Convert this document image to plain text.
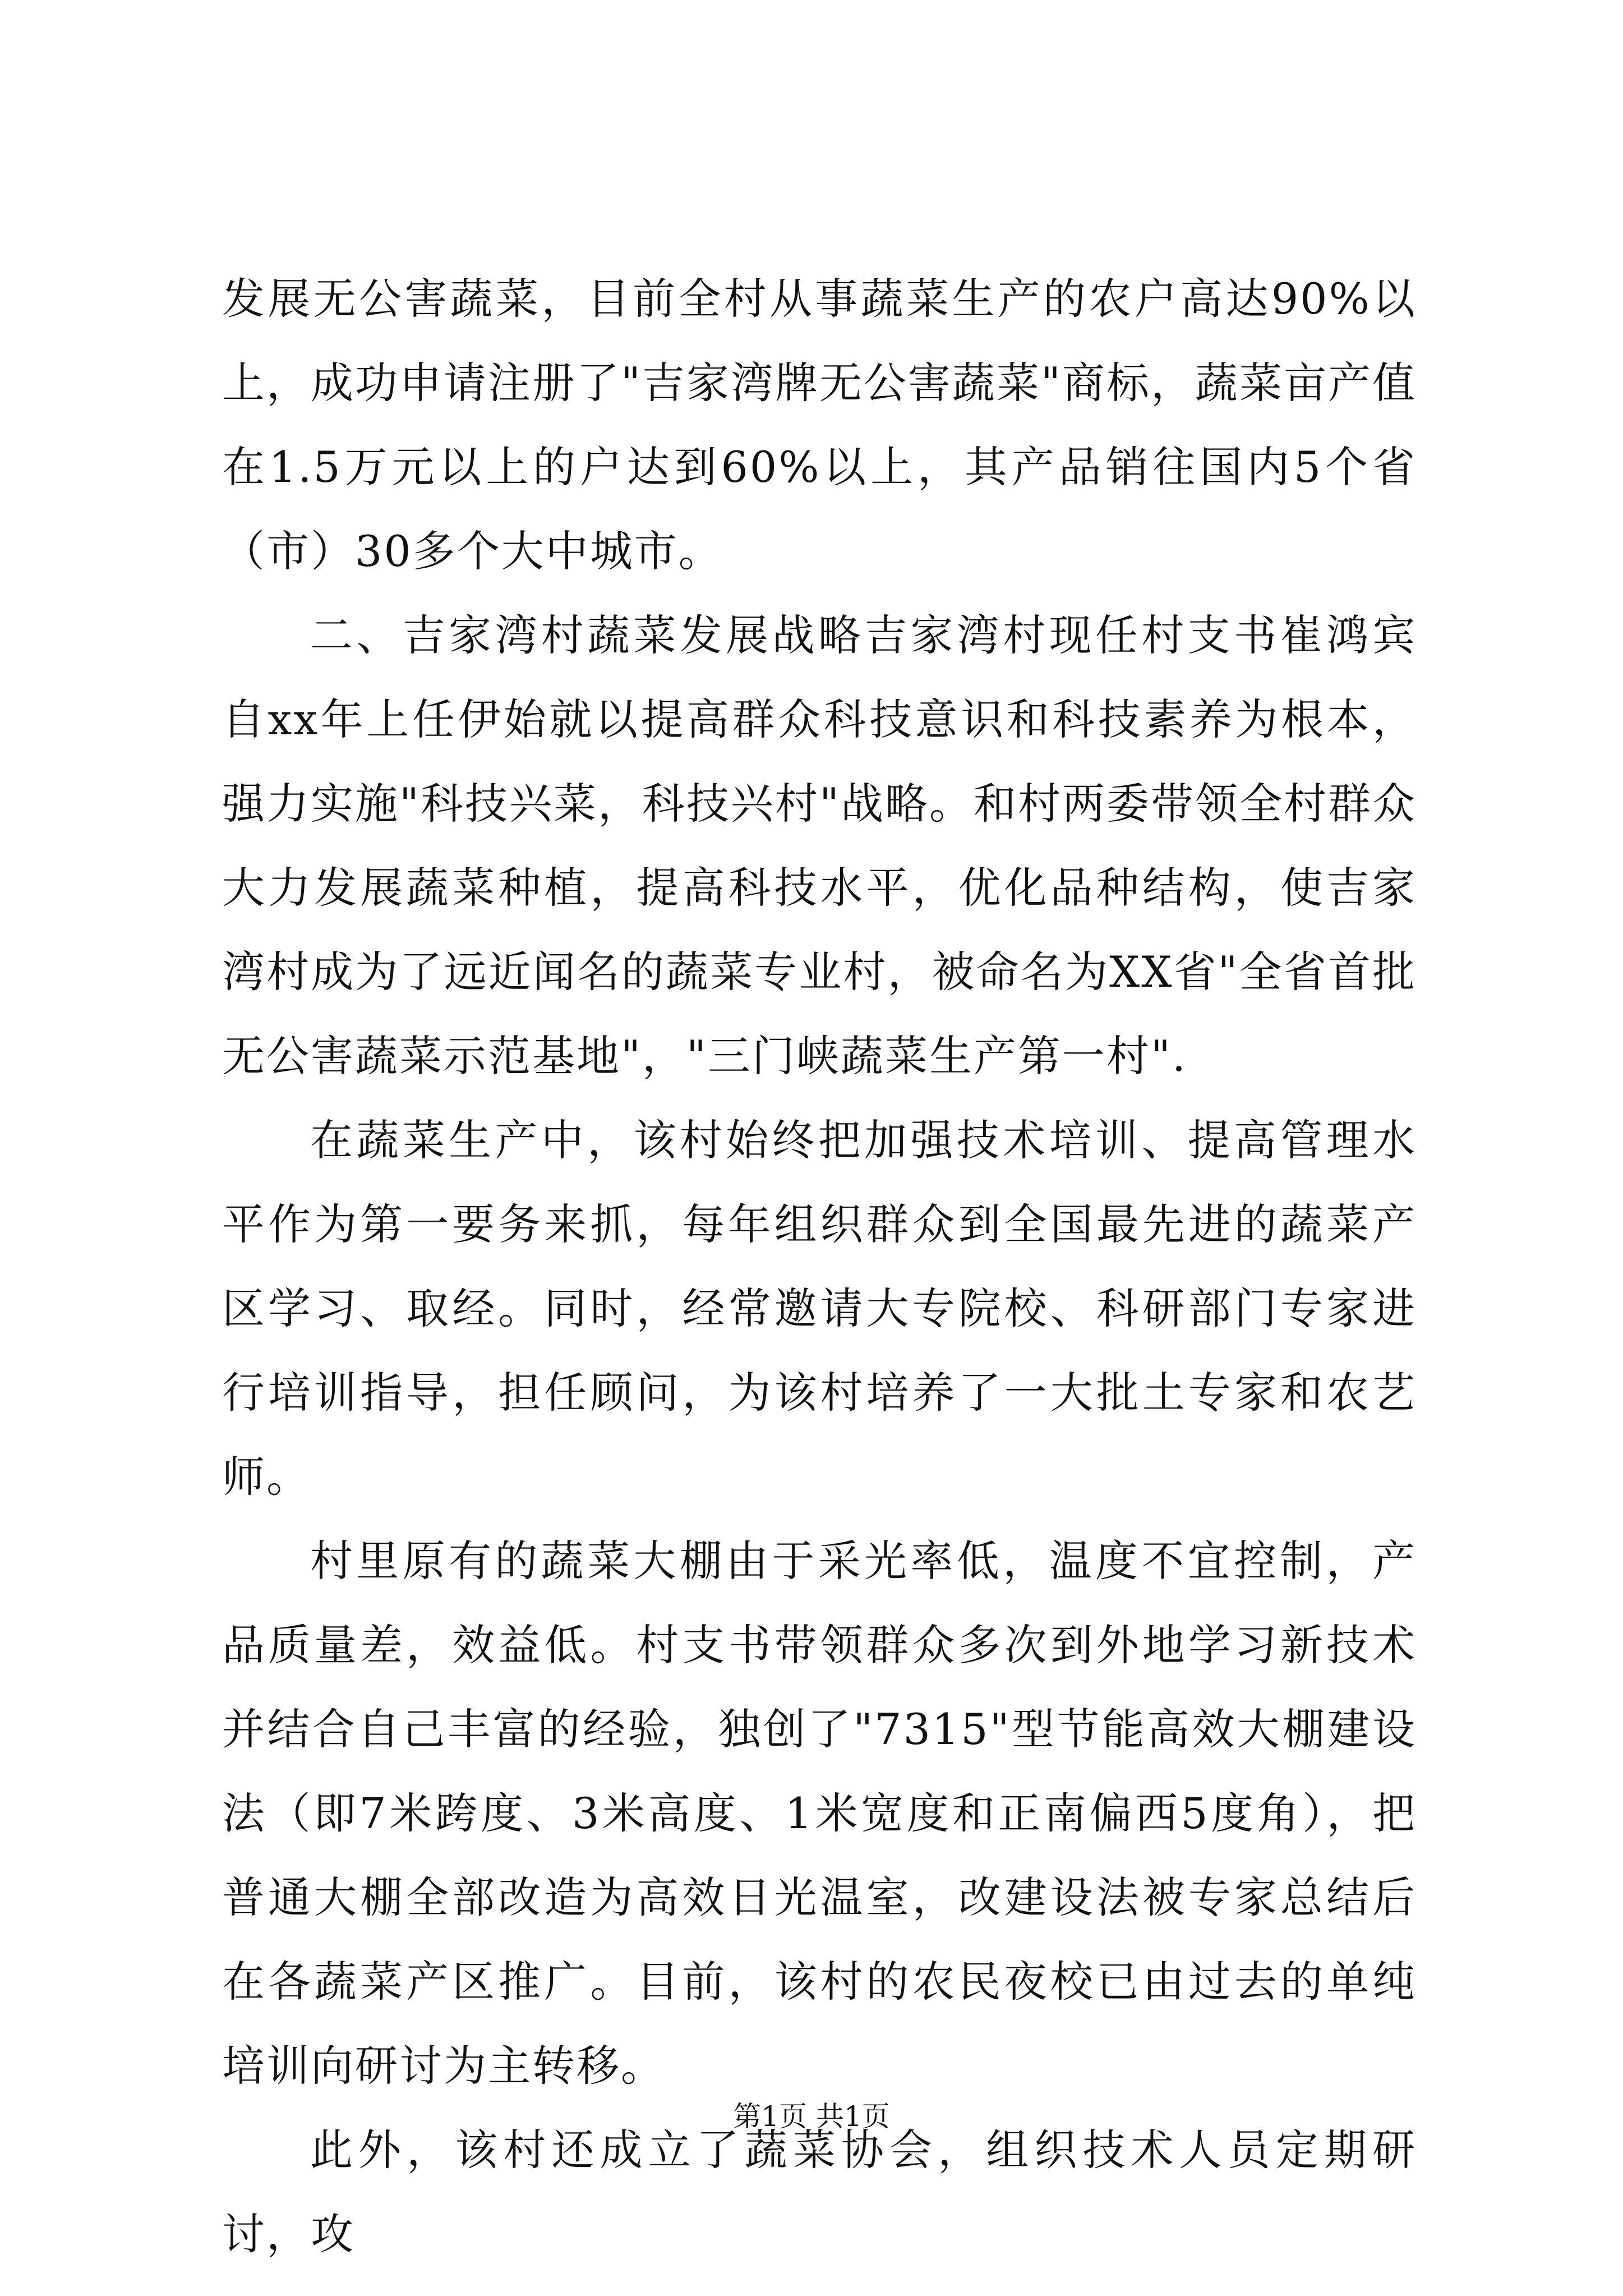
发展无公害蔬菜，目前全村从事蔬菜生产的农户高达90%以上，成功申请注册了"吉家湾牌无公害蔬菜"商标，蔬菜亩产值在1.5万元以上的户达到60%以上，其产品销往国内5个省（市）30多个大中城市。

二、吉家湾村蔬菜发展战略吉家湾村现任村支书崔鸿宾自xx年上任伊始就以提高群众科技意识和科技素养为根本，强力实施"科技兴菜，科技兴村"战略。和村两委带领全村群众大力发展蔬菜种植，提高科技水平，优化品种结构，使吉家湾村成为了远近闻名的蔬菜专业村，被命名为XX省"全省首批无公害蔬菜示范基地"，"三门峡蔬菜生产第一村".

在蔬菜生产中，该村始终把加强技术培训、提高管理水平作为第一要务来抓，每年组织群众到全国最先进的蔬菜产区学习、取经。同时，经常邀请大专院校、科研部门专家进行培训指导，担任顾问，为该村培养了一大批土专家和农艺师。

村里原有的蔬菜大棚由于采光率低，温度不宜控制，产品质量差，效益低。村支书带领群众多次到外地学习新技术并结合自己丰富的经验，独创了"7315"型节能高效大棚建设法（即7米跨度、3米高度、1米宽度和正南偏西5度角），把普通大棚全部改造为高效日光温室，改建设法被专家总结后在各蔬菜产区推广。目前，该村的农民夜校已由过去的单纯培训向研讨为主转移。

此外，该村还成立了蔬菜协会，组织技术人员定期研讨，攻

第1页 共1页
